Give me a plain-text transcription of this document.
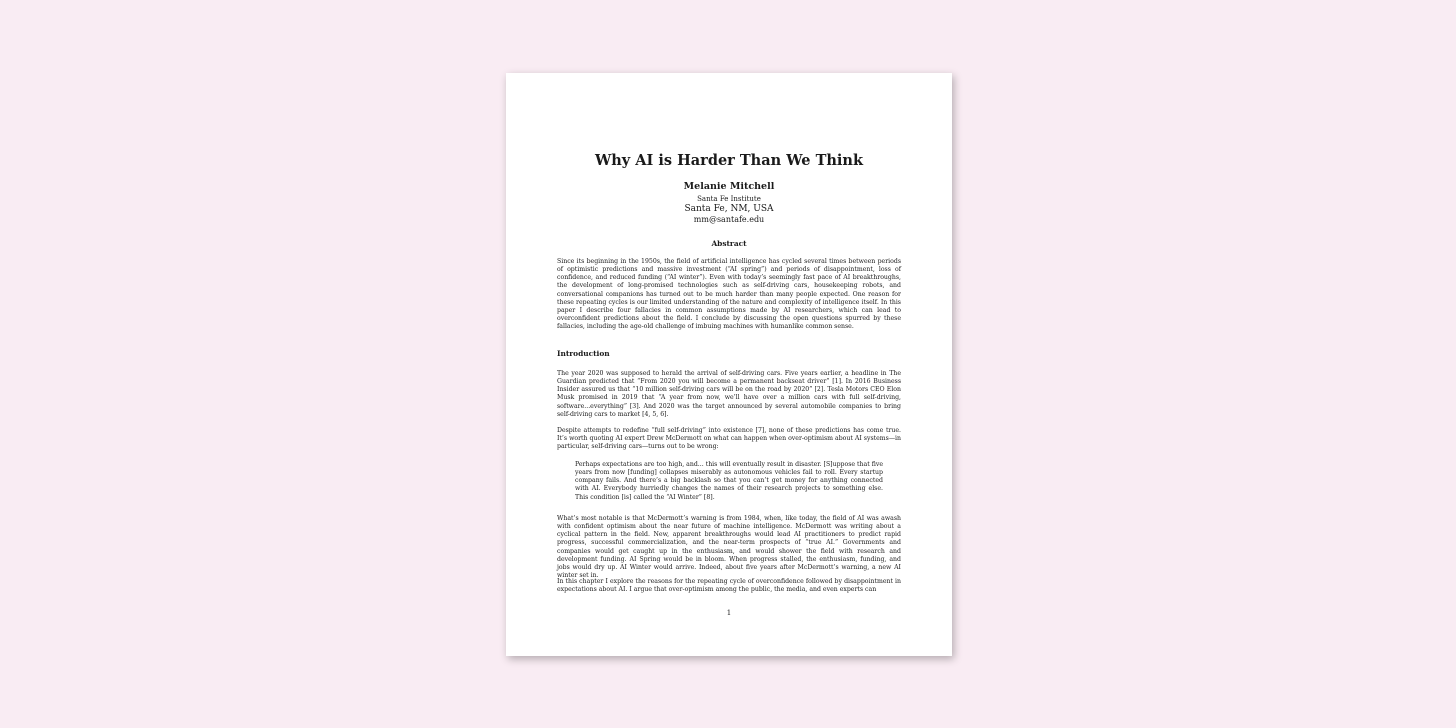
Why AI is Harder Than We Think
Melanie Mitchell
Santa Fe Institute
Santa Fe, NM, USA
mm@santafe.edu
Abstract
Since its beginning in the 1950s, the field of artificial intelligence has cycled several times between periods of optimistic predictions and massive investment (“AI spring”) and periods of disappointment, loss of confidence, and reduced funding (“AI winter”). Even with today’s seemingly fast pace of AI breakthroughs, the development of long-promised technologies such as self-driving cars, housekeeping robots, and conversational companions has turned out to be much harder than many people expected. One reason for these repeating cycles is our limited understanding of the nature and complexity of intelligence itself. In this paper I describe four fallacies in common assumptions made by AI researchers, which can lead to overconfident predictions about the field. I conclude by discussing the open questions spurred by these fallacies, including the age-old challenge of imbuing machines with humanlike common sense.
Introduction
The year 2020 was supposed to herald the arrival of self-driving cars. Five years earlier, a headline in The Guardian predicted that “From 2020 you will become a permanent backseat driver” [1]. In 2016 Business Insider assured us that “10 million self-driving cars will be on the road by 2020” [2]. Tesla Motors CEO Elon Musk promised in 2019 that “A year from now, we’ll have over a million cars with full self-driving, software...everything” [3]. And 2020 was the target announced by several automobile companies to bring self-driving cars to market [4, 5, 6].
Despite attempts to redefine “full self-driving” into existence [7], none of these predictions has come true. It’s worth quoting AI expert Drew McDermott on what can happen when over-optimism about AI systems—in particular, self-driving cars—turns out to be wrong:
Perhaps expectations are too high, and... this will eventually result in disaster. [S]uppose that five years from now [funding] collapses miserably as autonomous vehicles fail to roll. Every startup company fails. And there’s a big backlash so that you can’t get money for anything connected with AI. Everybody hurriedly changes the names of their research projects to something else. This condition [is] called the “AI Winter” [8].
What’s most notable is that McDermott’s warning is from 1984, when, like today, the field of AI was awash with confident optimism about the near future of machine intelligence. McDermott was writing about a cyclical pattern in the field. New, apparent breakthroughs would lead AI practitioners to predict rapid progress, successful commercialization, and the near-term prospects of “true AI.” Governments and companies would get caught up in the enthusiasm, and would shower the field with research and development funding. AI Spring would be in bloom. When progress stalled, the enthusiasm, funding, and jobs would dry up. AI Winter would arrive. Indeed, about five years after McDermott’s warning, a new AI winter set in.
In this chapter I explore the reasons for the repeating cycle of overconfidence followed by disappointment in expectations about AI. I argue that over-optimism among the public, the media, and even experts can
1
